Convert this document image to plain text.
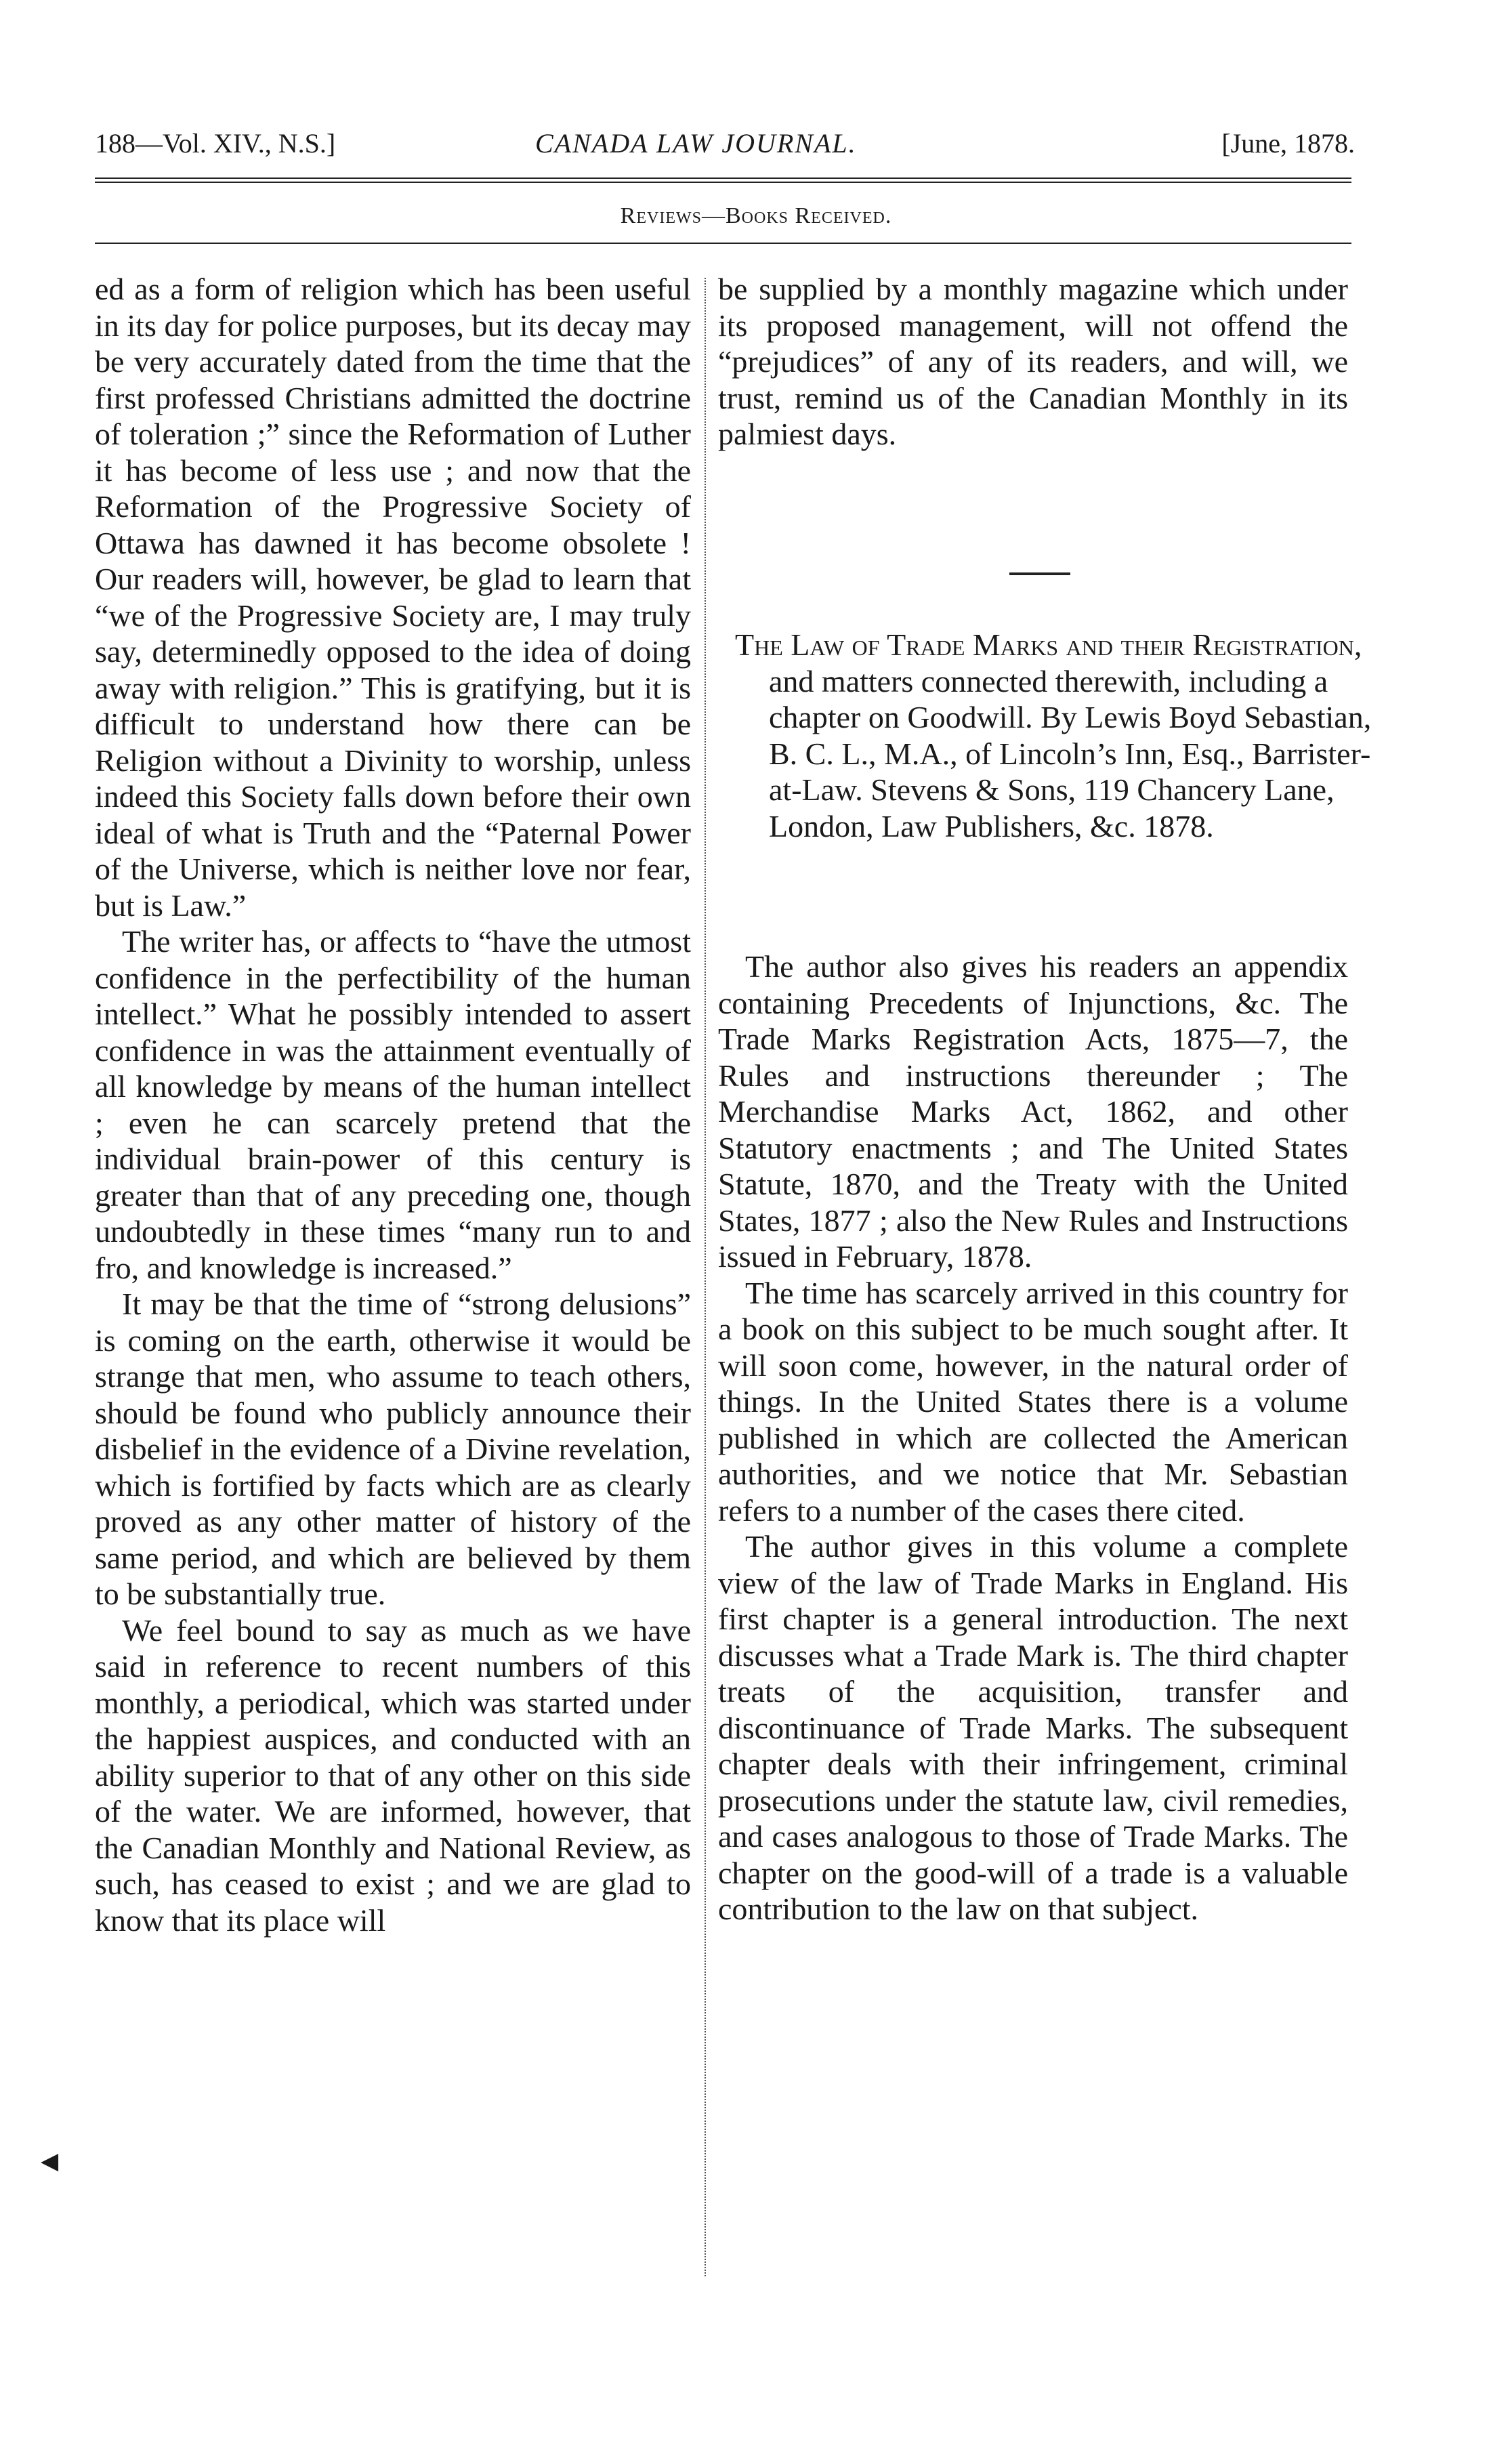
188—Vol. XIV., N.S.]	CANADA LAW JOURNAL.	[June, 1878.
Reviews—Books Received.

ed as a form of religion which has been useful in its day for police purposes, but its decay may be very accurately dated from the time that the first professed Christians admitted the doctrine of toleration ;” since the Reformation of Luther it has become of less use ; and now that the Reformation of the Progressive Society of Ottawa has dawned it has become obsolete ! Our readers will, however, be glad to learn that “we of the Progressive Society are, I may truly say, determinedly opposed to the idea of doing away with religion.” This is gratifying, but it is difficult to understand how there can be Religion without a Divinity to worship, unless indeed this Society falls down before their own ideal of what is Truth and the “Paternal Power of the Universe, which is neither love nor fear, but is Law.”

The writer has, or affects to “have the utmost confidence in the perfectibility of the human intellect.” What he possibly intended to assert confidence in was the attainment eventually of all knowledge by means of the human intellect ; even he can scarcely pretend that the individual brain-power of this century is greater than that of any preceding one, though undoubtedly in these times “many run to and fro, and knowledge is increased.”

It may be that the time of “strong delusions” is coming on the earth, otherwise it would be strange that men, who assume to teach others, should be found who publicly announce their disbelief in the evidence of a Divine revelation, which is fortified by facts which are as clearly proved as any other matter of history of the same period, and which are believed by them to be substantially true.

We feel bound to say as much as we have said in reference to recent numbers of this monthly, a periodical, which was started under the happiest auspices, and conducted with an ability superior to that of any other on this side of the water. We are informed, however, that the Canadian Monthly and National Review, as such, has ceased to exist ; and we are glad to know that its place will

be supplied by a monthly magazine which under its proposed management, will not offend the “prejudices” of any of its readers, and will, we trust, remind us of the Canadian Monthly in its palmiest days.

The Law of Trade Marks and their Registration, and matters connected therewith, including a chapter on Goodwill. By Lewis Boyd Sebastian, B. C. L., M.A., of Lincoln’s Inn, Esq., Barrister-at-Law. Stevens & Sons, 119 Chancery Lane, London, Law Publishers, &c. 1878.

The author also gives his readers an appendix containing Precedents of Injunctions, &c. The Trade Marks Registration Acts, 1875—7, the Rules and instructions thereunder ; The Merchandise Marks Act, 1862, and other Statutory enactments ; and The United States Statute, 1870, and the Treaty with the United States, 1877 ; also the New Rules and Instructions issued in February, 1878.

The time has scarcely arrived in this country for a book on this subject to be much sought after. It will soon come, however, in the natural order of things. In the United States there is a volume published in which are collected the American authorities, and we notice that Mr. Sebastian refers to a number of the cases there cited.

The author gives in this volume a complete view of the law of Trade Marks in England. His first chapter is a general introduction. The next discusses what a Trade Mark is. The third chapter treats of the acquisition, transfer and discontinuance of Trade Marks. The subsequent chapter deals with their infringement, criminal prosecutions under the statute law, civil remedies, and cases analogous to those of Trade Marks. The chapter on the good-will of a trade is a valuable contribution to the law on that subject.

◀
